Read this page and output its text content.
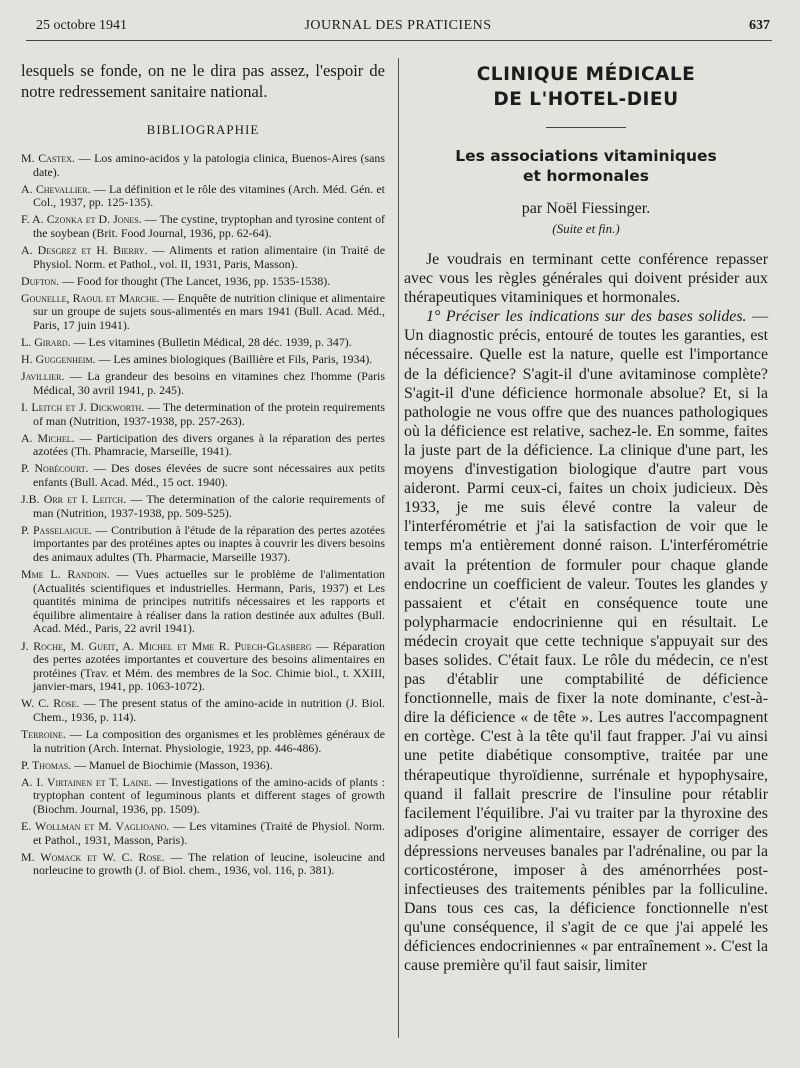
25 octobre 1941	JOURNAL DES PRATICIENS	637

lesquels se fonde, on ne le dira pas assez, l'espoir de notre redressement sanitaire national.

BIBLIOGRAPHIE

M. Castex. — Los amino-acidos y la patologia clinica, Buenos-Aires (sans date).

A. Chevallier. — La définition et le rôle des vitamines (Arch. Méd. Gén. et Col., 1937, pp. 125-135).

F. A. Czonka et D. Jones. — The cystine, tryptophan and tyrosine content of the soybean (Brit. Food Journal, 1936, pp. 62-64).

A. Desgrez et H. Bierry. — Aliments et ration alimentaire (in Traité de Physiol. Norm. et Pathol., vol. II, 1931, Paris, Masson).

Dufton. — Food for thought (The Lancet, 1936, pp. 1535-1538).

Gounelle, Raoul et Marche. — Enquête de nutrition clinique et alimentaire sur un groupe de sujets sous-alimentés en mars 1941 (Bull. Acad. Méd., Paris, 17 juin 1941).

L. Girard. — Les vitamines (Bulletin Médical, 28 déc. 1939, p. 347).

H. Guggenheim. — Les amines biologiques (Baillière et Fils, Paris, 1934).

Javillier. — La grandeur des besoins en vitamines chez l'homme (Paris Médical, 30 avril 1941, p. 245).

I. Leitch et J. Dickworth. — The determination of the protein requirements of man (Nutrition, 1937-1938, pp. 257-263).

A. Michel. — Participation des divers organes à la réparation des pertes azotées (Th. Phamracie, Marseille, 1941).

P. Nobécourt. — Des doses élevées de sucre sont nécessaires aux petits enfants (Bull. Acad. Méd., 15 oct. 1940).

J.B. Orr et I. Leitch. — The determination of the calorie requirements of man (Nutrition, 1937-1938, pp. 509-525).

P. Passelaigue. — Contribution à l'étude de la réparation des pertes azotées importantes par des protéines aptes ou inaptes à couvrir les divers besoins des animaux adultes (Th. Pharmacie, Marseille 1937).

Mme L. Randoin. — Vues actuelles sur le problème de l'alimentation (Actualités scientifiques et industrielles. Hermann, Paris, 1937) et Les quantités minima de principes nutritifs nécessaires et les rapports et équilibre alimentaire à réaliser dans la ration destinée aux adultes (Bull. Acad. Méd., Paris, 22 avril 1941).

J. Roche, M. Gueit, A. Michel et Mme R. Puech-Glasberg — Réparation des pertes azotées importantes et couverture des besoins alimentaires en protéines (Trav. et Mém. des membres de la Soc. Chimie biol., t. XXIII, janvier-mars, 1941, pp. 1063-1072).

W. C. Rose. — The present status of the amino-acide in nutrition (J. Biol. Chem., 1936, p. 114).

Terroine. — La composition des organismes et les problèmes généraux de la nutrition (Arch. Internat. Physiologie, 1923, pp. 446-486).

P. Thomas. — Manuel de Biochimie (Masson, 1936).

A. I. Virtainen et T. Laine. — Investigations of the amino-acids of plants : tryptophan content of leguminous plants et different stages of growth (Biochm. Journal, 1936, pp. 1509).

E. Wollman et M. Vaglioano. — Les vitamines (Traité de Physiol. Norm. et Pathol., 1931, Masson, Paris).

M. Womack et W. C. Rose. — The relation of leucine, isoleucine and norleucine to growth (J. of Biol. chem., 1936, vol. 116, p. 381).

CLINIQUE MÉDICALE

DE L'HOTEL-DIEU

Les associations vitaminiques

et hormonales

par Noël Fiessinger.

(Suite et fin.)

Je voudrais en terminant cette conférence repasser avec vous les règles générales qui doivent présider aux thérapeutiques vitaminiques et hormonales.

1° Préciser les indications sur des bases solides. — Un diagnostic précis, entouré de toutes les garanties, est nécessaire. Quelle est la nature, quelle est l'importance de la déficience? S'agit-il d'une avitaminose complète? S'agit-il d'une déficience hormonale absolue? Et, si la pathologie ne vous offre que des nuances pathologiques où la déficience est relative, sachez-le. En somme, faites la juste part de la déficience. La clinique d'une part, les moyens d'investigation biologique d'autre part vous aideront. Parmi ceux-ci, faites un choix judicieux. Dès 1933, je me suis élevé contre la valeur de l'interférométrie et j'ai la satisfaction de voir que le temps m'a entièrement donné raison. L'interférométrie avait la prétention de formuler pour chaque glande endocrine un coefficient de valeur. Toutes les glandes y passaient et c'était en conséquence toute une polypharmacie endocrinienne qui en résultait. Le médecin croyait que cette technique s'appuyait sur des bases solides. C'était faux. Le rôle du médecin, ce n'est pas d'établir une comptabilité de déficience fonctionnelle, mais de fixer la note dominante, c'est-à-dire la déficience « de tête ». Les autres l'accompagnent en cortège. C'est à la tête qu'il faut frapper. J'ai vu ainsi une petite diabétique consomptive, traitée par une thérapeutique thyroïdienne, surrénale et hypophysaire, quand il fallait prescrire de l'insuline pour rétablir facilement l'équilibre. J'ai vu traiter par la thyroxine des adiposes d'origine alimentaire, essayer de corriger des dépressions nerveuses banales par l'adrénaline, ou par la corticostérone, imposer à des aménorrhées post-infectieuses des traitements pénibles par la folliculine. Dans tous ces cas, la déficience fonctionnelle n'est qu'une conséquence, il s'agit de ce que j'ai appelé les déficiences endocriniennes « par entraînement ». C'est la cause première qu'il faut saisir, limiter
